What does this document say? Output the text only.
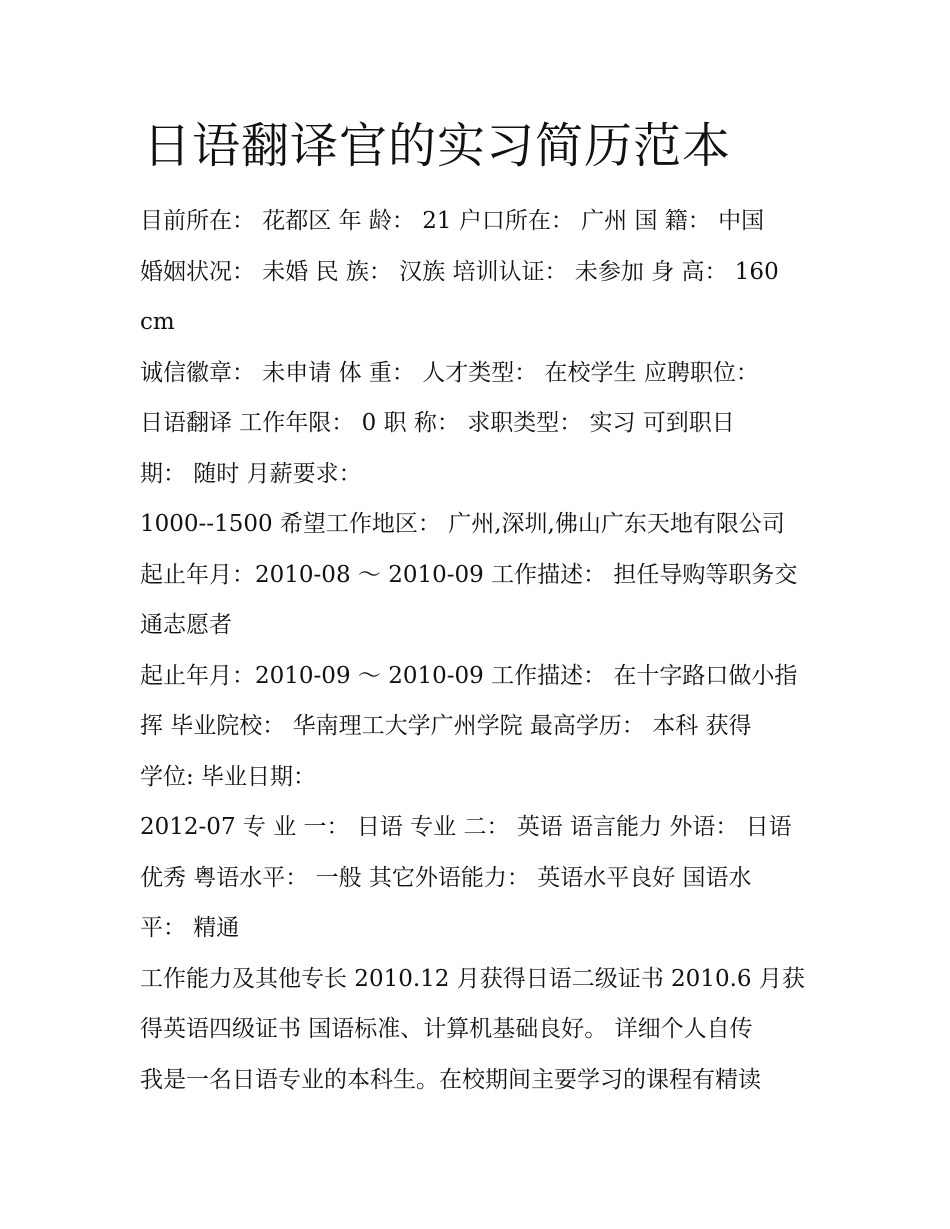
日语翻译官的实习简历范本
目前所在： 花都区 年 龄： 21 户口所在： 广州 国 籍： 中国
婚姻状况： 未婚 民 族： 汉族 培训认证： 未参加 身 高： 160
cm
诚信徽章： 未申请 体 重： 人才类型： 在校学生 应聘职位：
日语翻译 工作年限： 0 职 称： 求职类型： 实习 可到职日
期： 随时 月薪要求：
1000--1500 希望工作地区： 广州,深圳,佛山广东天地有限公司
起止年月：2010-08 ～ 2010-09 工作描述： 担任导购等职务交
通志愿者
起止年月：2010-09 ～ 2010-09 工作描述： 在十字路口做小指
挥 毕业院校： 华南理工大学广州学院 最高学历： 本科 获得
学位: 毕业日期：
2012-07 专 业 一： 日语 专业 二： 英语 语言能力 外语： 日语
优秀 粤语水平： 一般 其它外语能力： 英语水平良好 国语水
平： 精通
工作能力及其他专长 2010.12 月获得日语二级证书 2010.6 月获
得英语四级证书 国语标准、计算机基础良好。 详细个人自传
我是一名日语专业的本科生。在校期间主要学习的课程有精读
